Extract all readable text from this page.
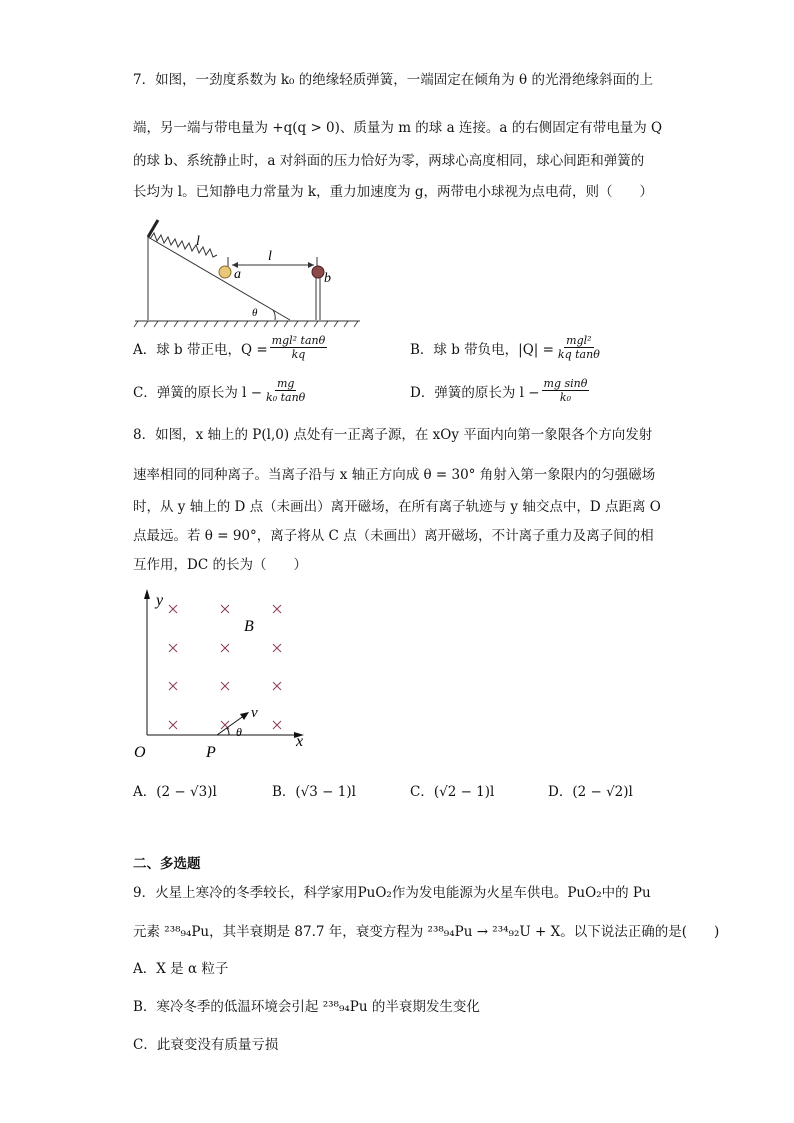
7．如图，一劲度系数为 k₀ 的绝缘轻质弹簧，一端固定在倾角为 θ 的光滑绝缘斜面的上
端，另一端与带电量为 +q(q > 0)、质量为 m 的球 a 连接。a 的右侧固定有带电量为 Q
的球 b、系统静止时，a 对斜面的压力恰好为零，两球心高度相同，球心间距和弹簧的
长均为 l。已知静电力常量为 k，重力加速度为 g，两带电小球视为点电荷，则（　　）
l
l
a	b
θ
A．球 b 带正电，$Q = \frac{\text{mgl² tanθ}}{kq}$	B．球 b 带负电，$|Q| = \frac{\text{mgl²}}{\text{kq tanθ}}$
C．弹簧的原长为 $l - \frac{mg}{\text{k₀ tanθ}}$	D．弹簧的原长为 $l - \frac{\text{mg sinθ}}{\text{k₀}}$
8．如图，x 轴上的 P(l,0) 点处有一正离子源，在 xOy 平面内向第一象限各个方向发射
速率相同的同种离子。当离子沿与 x 轴正方向成 θ = 30° 角射入第一象限内的匀强磁场
时，从 y 轴上的 D 点（未画出）离开磁场，在所有离子轨迹与 y 轴交点中，D 点距离 O
点最远。若 θ = 90°，离子将从 C 点（未画出）离开磁场，不计离子重力及离子间的相
互作用，DC 的长为（　　）
y
x
O	P
B
v
θ
A．(2 − √3)l	B．(√3 − 1)l	C．(√2 − 1)l	D．(2 − √2)l
二、多选题
9．火星上寒冷的冬季较长，科学家用PuO₂作为发电能源为火星车供电。PuO₂中的 Pu
元素 ²³⁸₉₄Pu，其半衰期是 87.7 年，衰变方程为 ²³⁸₉₄Pu → ²³⁴₉₂U + X。以下说法正确的是(　　)
A．X 是 α 粒子
B．寒冷冬季的低温环境会引起 ²³⁸₉₄Pu 的半衰期发生变化
C．此衰变没有质量亏损
